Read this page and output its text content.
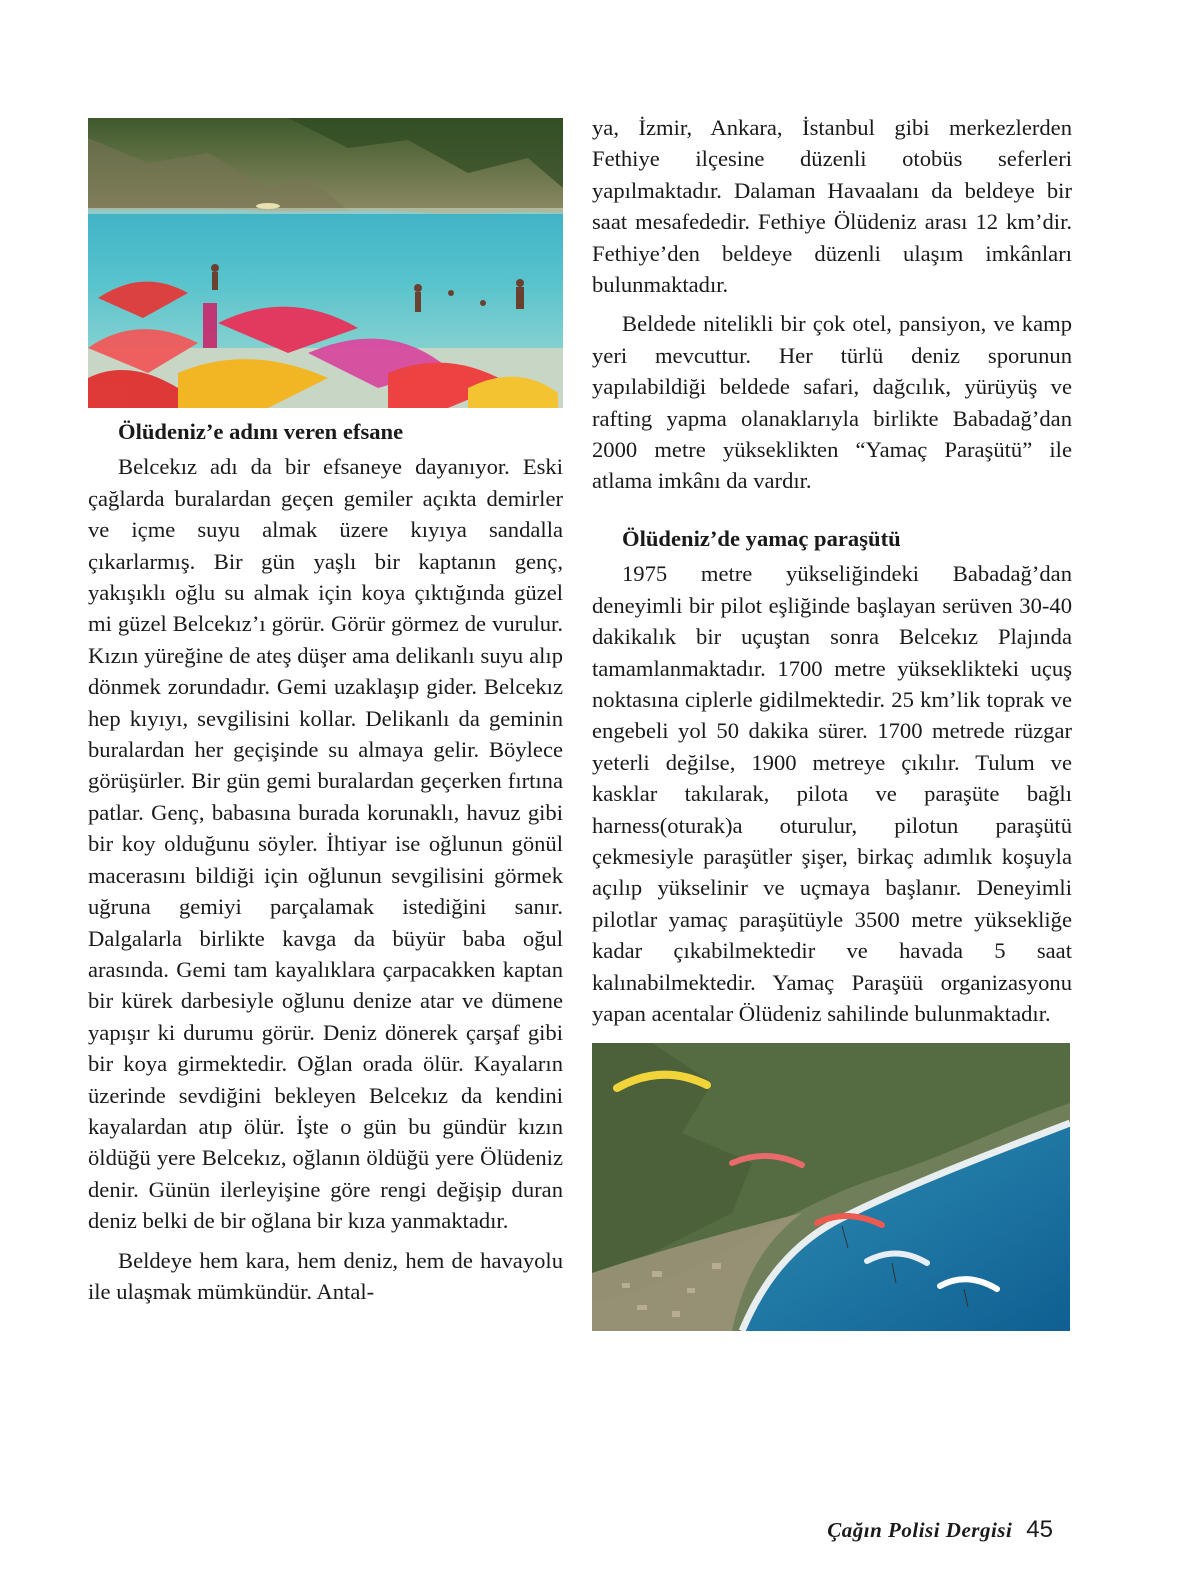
Ölüdeniz’e adını veren efsane

Belcekız adı da bir efsaneye dayanıyor. Eski çağlarda buralardan geçen gemiler açıkta demirler ve içme suyu almak üzere kıyıya sandalla çıkarlarmış. Bir gün yaşlı bir kaptanın genç, yakışıklı oğlu su almak için koya çıktığında güzel mi güzel Belcekız’ı görür. Görür görmez de vurulur. Kızın yüreğine de ateş düşer ama delikanlı suyu alıp dönmek zorundadır. Gemi uzaklaşıp gider. Belcekız hep kıyıyı, sevgilisini kollar. Delikanlı da geminin buralardan her geçişinde su almaya gelir. Böylece görüşürler. Bir gün gemi buralardan geçerken fırtına patlar. Genç, babasına burada korunaklı, havuz gibi bir koy olduğunu söyler. İhtiyar ise oğlunun gönül macerasını bildiği için oğlunun sevgilisini görmek uğruna gemiyi parçalamak istediğini sanır. Dalgalarla birlikte kavga da büyür baba oğul arasında. Gemi tam kayalıklara çarpacakken kaptan bir kürek darbesiyle oğlunu denize atar ve dümene yapışır ki durumu görür. Deniz dönerek çarşaf gibi bir koya girmektedir. Oğlan orada ölür. Kayaların üzerinde sevdiğini bekleyen Belcekız da kendini kayalardan atıp ölür. İşte o gün bu gündür kızın öldüğü yere Belcekız, oğlanın öldüğü yere Ölüdeniz denir. Günün ilerleyişine göre rengi değişip duran deniz belki de bir oğlana bir kıza yanmaktadır.

Beldeye hem kara, hem deniz, hem de havayolu ile ulaşmak mümkündür. Antal-

ya, İzmir, Ankara, İstanbul gibi merkezlerden Fethiye ilçesine düzenli otobüs seferleri yapılmaktadır. Dalaman Havaalanı da beldeye bir saat mesafededir. Fethiye Ölüdeniz arası 12 km’dir. Fethiye’den beldeye düzenli ulaşım imkânları bulunmaktadır.

Beldede nitelikli bir çok otel, pansiyon, ve kamp yeri mevcuttur. Her türlü deniz sporunun yapılabildiği beldede safari, dağcılık, yürüyüş ve rafting yapma olanaklarıyla birlikte Babadağ’dan 2000 metre yükseklikten “Yamaç Paraşütü” ile atlama imkânı da vardır.

Ölüdeniz’de yamaç paraşütü

1975 metre yükseliğindeki Babadağ’dan deneyimli bir pilot eşliğinde başlayan serüven 30-40 dakikalık bir uçuştan sonra Belcekız Plajında tamamlanmaktadır. 1700 metre yükseklikteki uçuş noktasına ciplerle gidilmektedir. 25 km’lik toprak ve engebeli yol 50 dakika sürer. 1700 metrede rüzgar yeterli değilse, 1900 metreye çıkılır. Tulum ve kasklar takılarak, pilota ve paraşüte bağlı harness(oturak)a oturulur, pilotun paraşütü çekmesiyle paraşütler şişer, birkaç adımlık koşuyla açılıp yükselinir ve uçmaya başlanır. Deneyimli pilotlar yamaç paraşütüyle 3500 metre yüksekliğe kadar çıkabilmektedir ve havada 5 saat kalınabilmektedir. Yamaç Paraşüü organizasyonu yapan acentalar Ölüdeniz sahilinde bulunmaktadır.

Çağın Polisi Dergisi 45
